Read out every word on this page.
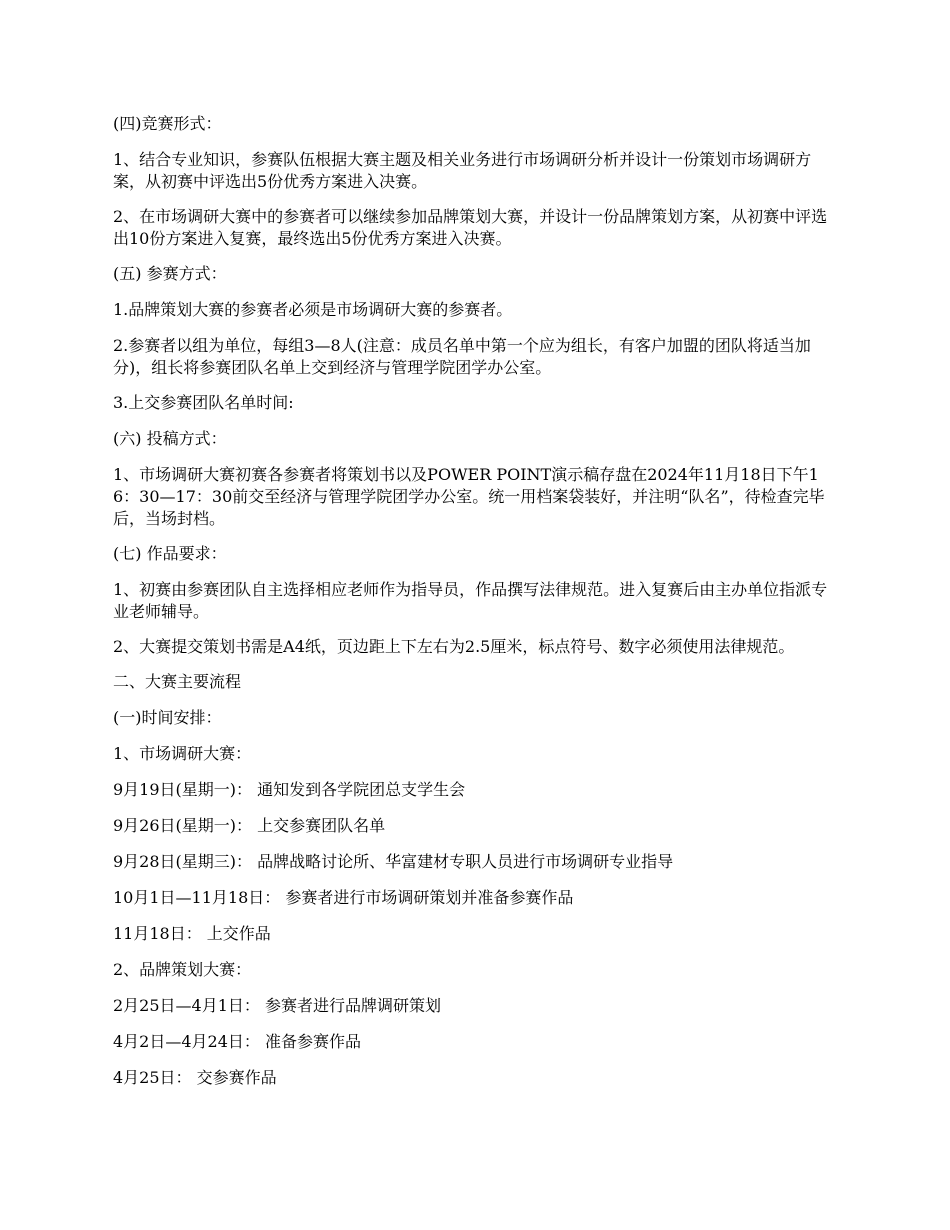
(四)竞赛形式：

1、结合专业知识，参赛队伍根据大赛主题及相关业务进行市场调研分析并设计一份策划市场调研方案，从初赛中评选出5份优秀方案进入决赛。

2、在市场调研大赛中的参赛者可以继续参加品牌策划大赛，并设计一份品牌策划方案，从初赛中评选出10份方案进入复赛，最终选出5份优秀方案进入决赛。

(五) 参赛方式：

1.品牌策划大赛的参赛者必须是市场调研大赛的参赛者。

2.参赛者以组为单位，每组3—8人(注意：成员名单中第一个应为组长，有客户加盟的团队将适当加分)，组长将参赛团队名单上交到经济与管理学院团学办公室。

3.上交参赛团队名单时间:

(六) 投稿方式：

1、市场调研大赛初赛各参赛者将策划书以及POWER POINT演示稿存盘在2024年11月18日下午16：30—17：30前交至经济与管理学院团学办公室。统一用档案袋装好，并注明“队名”，待检查完毕后，当场封档。

(七) 作品要求：

1、初赛由参赛团队自主选择相应老师作为指导员，作品撰写法律规范。进入复赛后由主办单位指派专业老师辅导。

2、大赛提交策划书需是A4纸，页边距上下左右为2.5厘米，标点符号、数字必须使用法律规范。

二、大赛主要流程

(一)时间安排：

1、市场调研大赛：

9月19日(星期一)： 通知发到各学院团总支学生会

9月26日(星期一)： 上交参赛团队名单

9月28日(星期三)： 品牌战略讨论所、华富建材专职人员进行市场调研专业指导

10月1日—11月18日： 参赛者进行市场调研策划并准备参赛作品

11月18日： 上交作品

2、品牌策划大赛：

2月25日—4月1日： 参赛者进行品牌调研策划

4月2日—4月24日： 准备参赛作品

4月25日： 交参赛作品
